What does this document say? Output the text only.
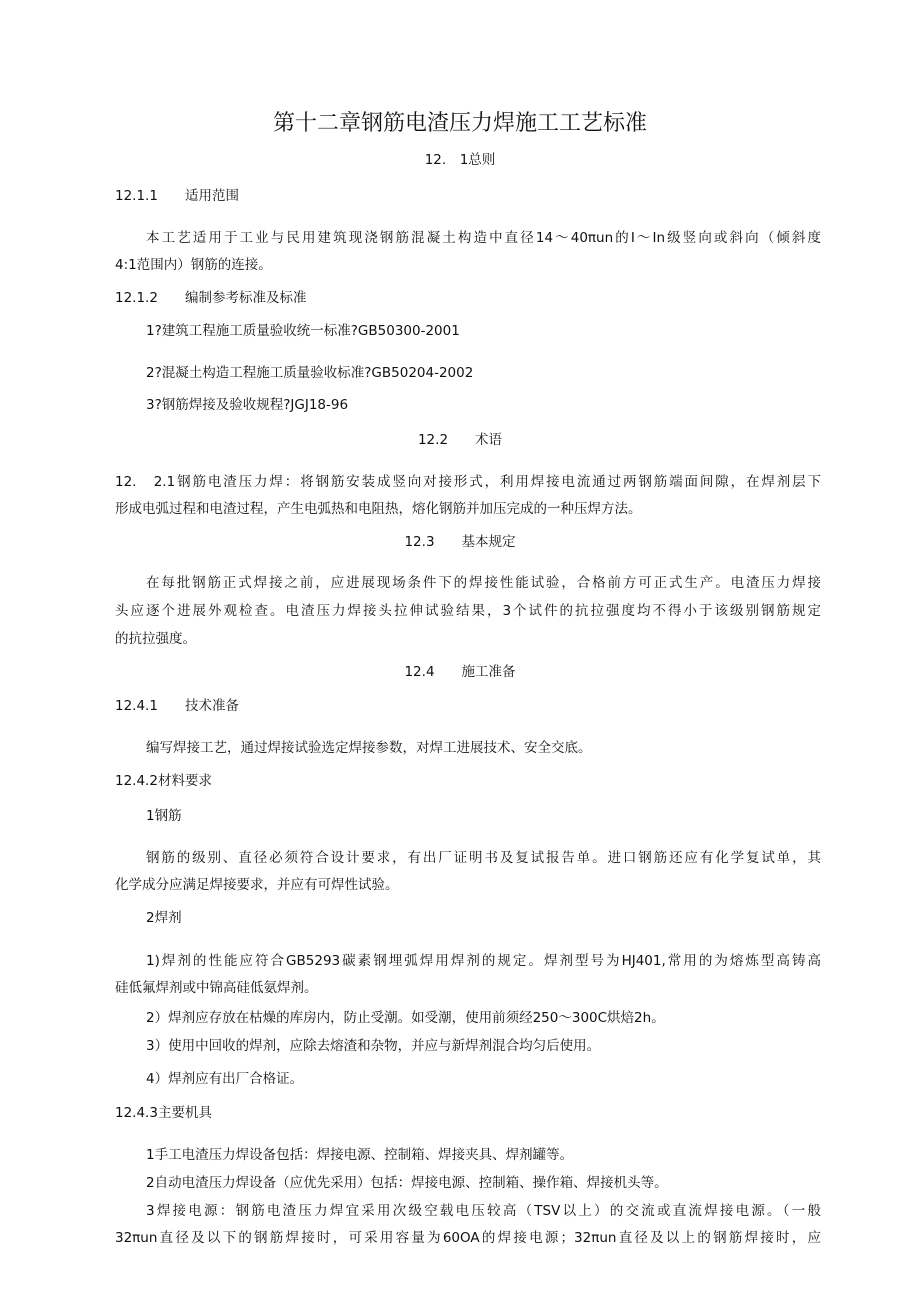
第十二章钢筋电渣压力焊施工工艺标准
12.　1总则
12.1.1　　适用范围
本工艺适用于工业与民用建筑现浇钢筋混凝土构造中直径14～40πun的I～In级竖向或斜向（倾斜度
4:1范围内）钢筋的连接。
12.1.2　　编制参考标准及标准
1?建筑工程施工质量验收统一标准?GB50300-2001
2?混凝土构造工程施工质量验收标准?GB50204-2002
3?钢筋焊接及验收规程?JGJ18-96
12.2　　术语
12.　2.1钢筋电渣压力焊：将钢筋安装成竖向对接形式，利用焊接电流通过两钢筋端面间隙，在焊剂层下
形成电弧过程和电渣过程，产生电弧热和电阻热，熔化钢筋并加压完成的一种压焊方法。
12.3　　基本规定
在每批钢筋正式焊接之前，应进展现场条件下的焊接性能试验，合格前方可正式生产。电渣压力焊接
头应逐个进展外观检查。电渣压力焊接头拉伸试验结果，3个试件的抗拉强度均不得小于该级别钢筋规定
的抗拉强度。
12.4　　施工准备
12.4.1　　技术准备
编写焊接工艺，通过焊接试验选定焊接参数，对焊工进展技术、安全交底。
12.4.2材料要求
1钢筋
钢筋的级别、直径必须符合设计要求，有出厂证明书及复试报告单。进口钢筋还应有化学复试单，其
化学成分应满足焊接要求，并应有可焊性试验。
2焊剂
1)焊剂的性能应符合GB5293碳素钢埋弧焊用焊剂的规定。焊剂型号为HJ401,常用的为熔炼型高铸高
硅低氟焊剂或中锦高硅低氨焊剂。
2）焊剂应存放在枯燥的库房内，防止受潮。如受潮，使用前须经250～300C烘焙2h。
3）使用中回收的焊剂，应除去熔渣和杂物，并应与新焊剂混合均匀后使用。
4）焊剂应有出厂合格证。
12.4.3主要机具
1手工电渣压力焊设备包括：焊接电源、控制箱、焊接夹具、焊剂罐等。
2自动电渣压力焊设备（应优先采用）包括：焊接电源、控制箱、操作箱、焊接机头等。
3焊接电源：钢筋电渣压力焊宜采用次级空载电压较高（TSV以上）的交流或直流焊接电源。（一般
32πun直径及以下的钢筋焊接时，可采用容量为60OA的焊接电源；32πun直径及以上的钢筋焊接时，应
